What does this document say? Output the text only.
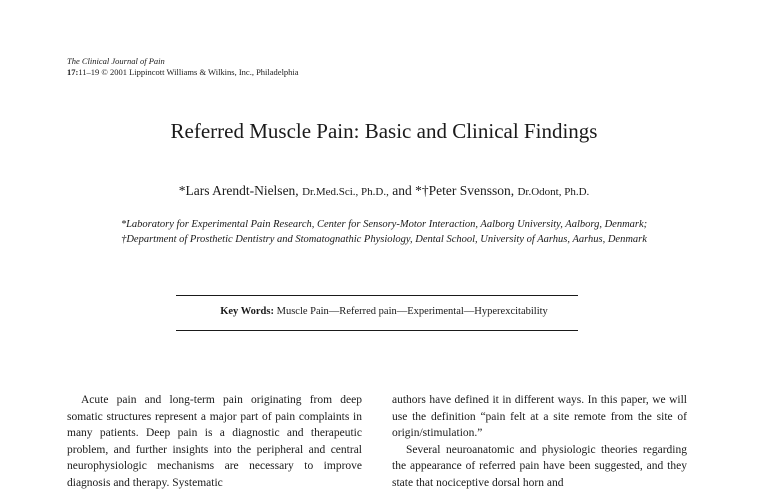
The Clinical Journal of Pain
17:11–19 © 2001 Lippincott Williams & Wilkins, Inc., Philadelphia
Referred Muscle Pain: Basic and Clinical Findings
*Lars Arendt-Nielsen, Dr.Med.Sci., Ph.D., and *†Peter Svensson, Dr.Odont, Ph.D.
*Laboratory for Experimental Pain Research, Center for Sensory-Motor Interaction, Aalborg University, Aalborg, Denmark;
†Department of Prosthetic Dentistry and Stomatognathic Physiology, Dental School, University of Aarhus, Aarhus, Denmark
Key Words: Muscle Pain—Referred pain—Experimental—Hyperexcitability

Acute pain and long-term pain originating from deep somatic structures represent a major part of pain complaints in many patients. Deep pain is a diagnostic and therapeutic problem, and further insights into the peripheral and central neurophysiologic mechanisms are necessary to improve diagnosis and therapy. Systematic

authors have defined it in different ways. In this paper, we will use the definition “pain felt at a site remote from the site of origin/stimulation.”

Several neuroanatomic and physiologic theories regarding the appearance of referred pain have been suggested, and they state that nociceptive dorsal horn and
